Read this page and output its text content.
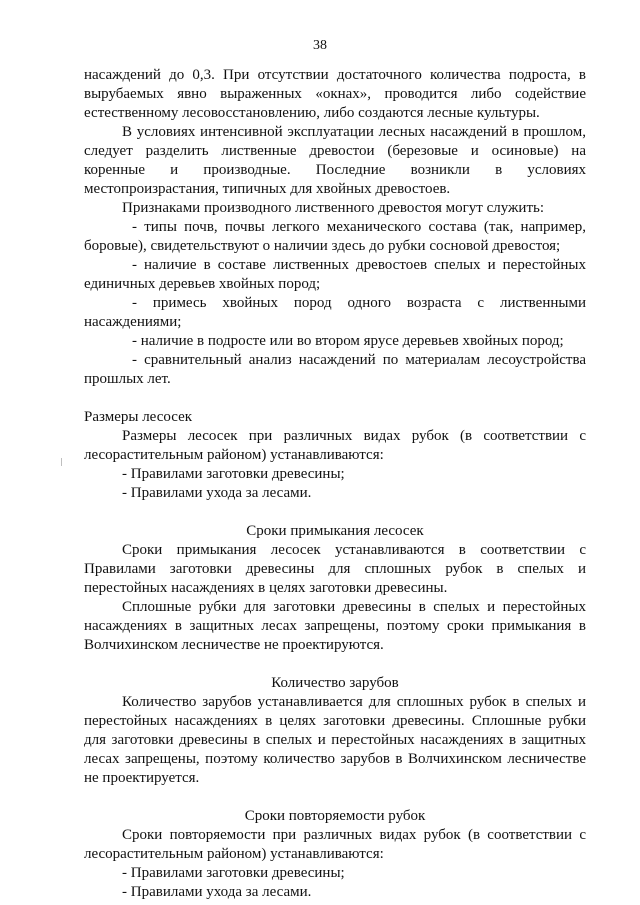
38

насаждений до 0,3. При отсутствии достаточного количества подроста, в вырубаемых явно выраженных «окнах», проводится либо содействие естественному лесовосстановлению, либо создаются лесные культуры.

В условиях интенсивной эксплуатации лесных насаждений в прошлом, следует разделить лиственные древостои (березовые и осиновые) на коренные и производные. Последние возникли в условиях местопроизрастания, типичных для хвойных древостоев.

Признаками производного лиственного древостоя могут служить:

- типы почв, почвы легкого механического состава (так, например, боровые), свидетельствуют о наличии здесь до рубки сосновой древостоя;

- наличие в составе лиственных древостоев спелых и перестойных единичных деревьев хвойных пород;

- примесь хвойных пород одного возраста с лиственными насаждениями;

- наличие в подросте или во втором ярусе деревьев хвойных пород;

- сравнительный анализ насаждений по материалам лесоустройства прошлых лет.

Размеры лесосек

Размеры лесосек при различных видах рубок (в соответствии с лесорастительным районом) устанавливаются:

- Правилами заготовки древесины;

- Правилами ухода за лесами.

Сроки примыкания лесосек

Сроки примыкания лесосек устанавливаются в соответствии с Правилами заготовки древесины для сплошных рубок в спелых и перестойных насаждениях в целях заготовки древесины.

Сплошные рубки для заготовки древесины в спелых и перестойных насаждениях в защитных лесах запрещены, поэтому сроки примыкания в Волчихинском лесничестве не проектируются.

Количество зарубов

Количество зарубов устанавливается для сплошных рубок в спелых и перестойных насаждениях в целях заготовки древесины. Сплошные рубки для заготовки древесины в спелых и перестойных насаждениях в защитных лесах запрещены, поэтому количество зарубов в Волчихинском лесничестве не проектируется.

Сроки повторяемости рубок

Сроки повторяемости при различных видах рубок (в соответствии с лесорастительным районом) устанавливаются:

- Правилами заготовки древесины;

- Правилами ухода за лесами.
